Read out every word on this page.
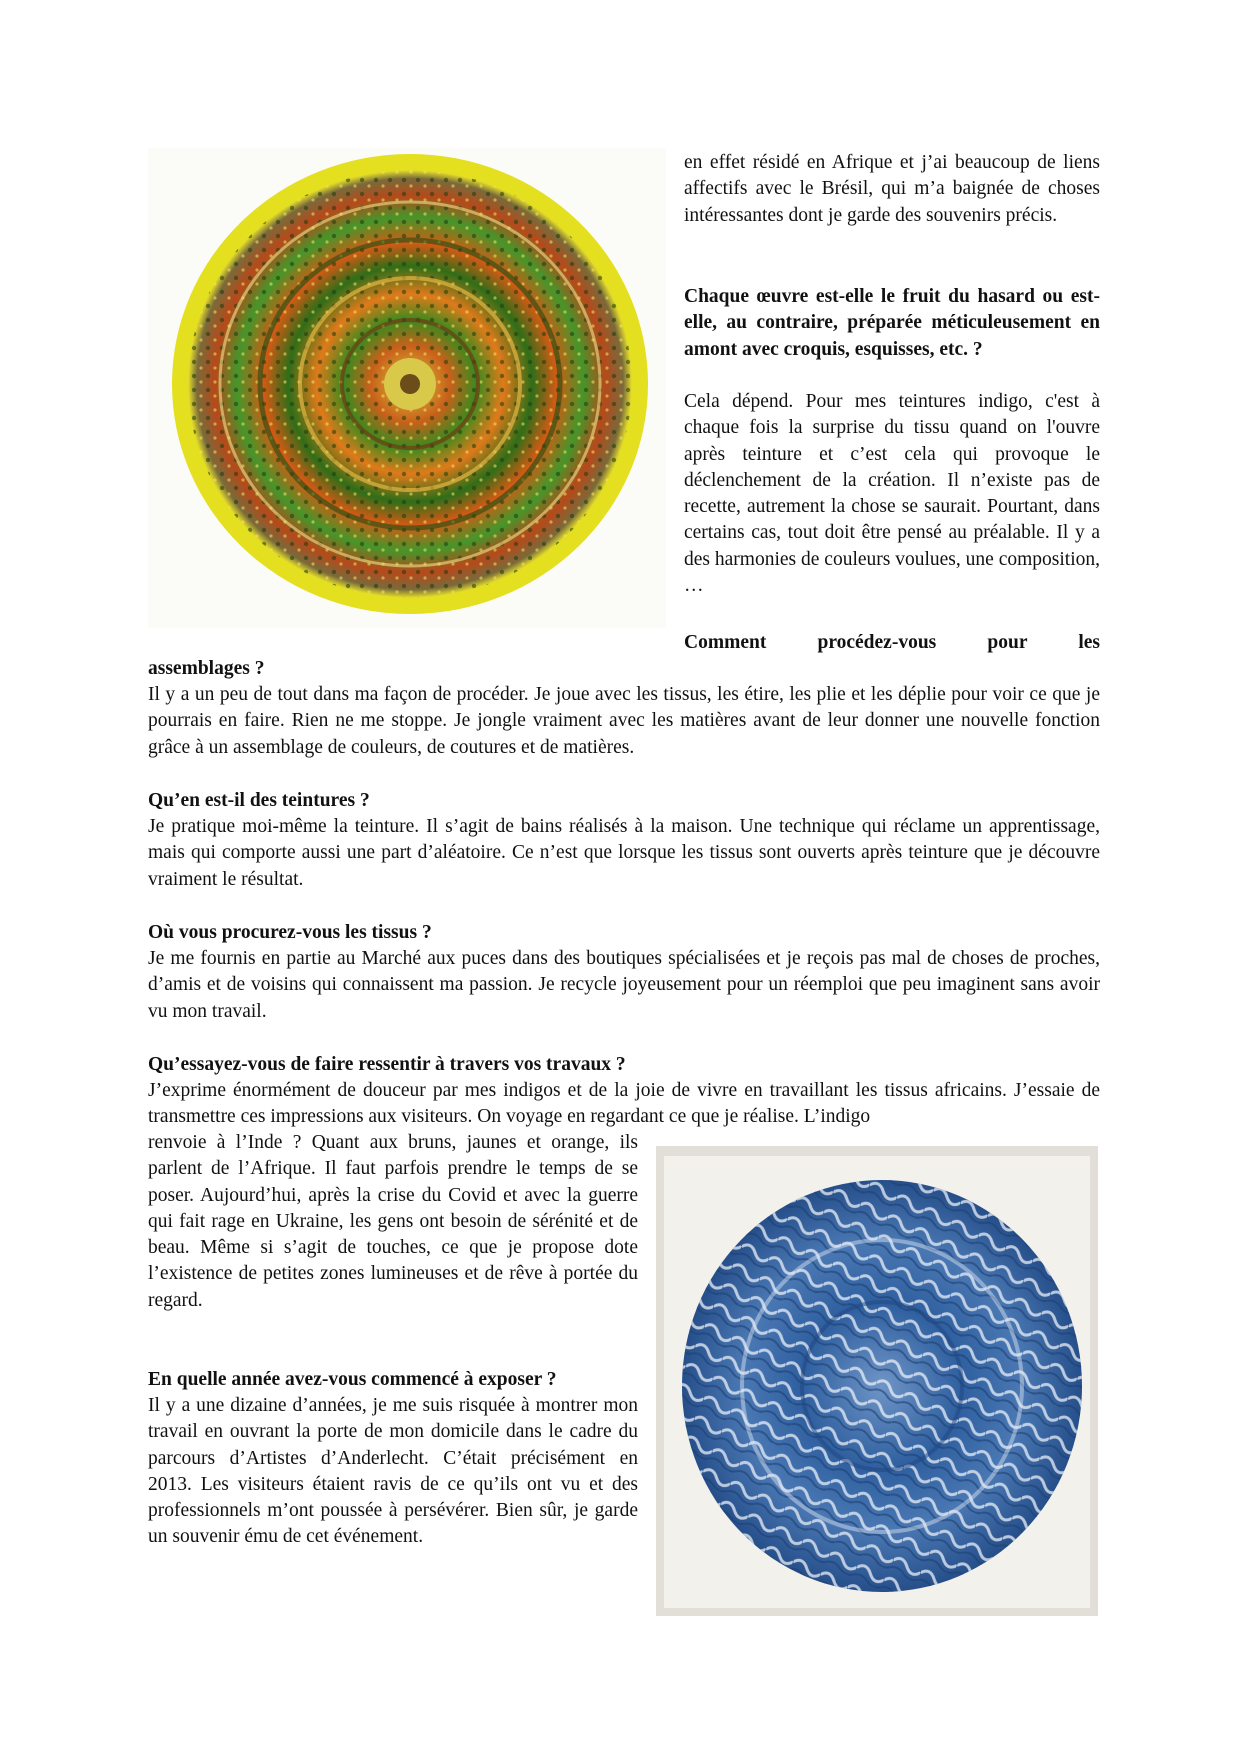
en effet résidé en Afrique et j’ai beaucoup de liens affectifs avec le Brésil, qui m’a baignée de choses intéressantes dont je garde des souvenirs précis.

Chaque œuvre est-elle le fruit du hasard ou est-elle, au contraire, préparée méticuleusement en amont avec croquis, esquisses, etc. ?

Cela dépend. Pour mes teintures indigo, c'est à chaque fois la surprise du tissu quand on l'ouvre après teinture et c’est cela qui provoque le déclenchement de la création. Il n’existe pas de recette, autrement la chose se saurait. Pourtant, dans certains cas, tout doit être pensé au préalable. Il y a des harmonies de couleurs voulues, une composition, …

Comment procédez-vous pour les

assemblages ?

Il y a un peu de tout dans ma façon de procéder. Je joue avec les tissus, les étire, les plie et les déplie pour voir ce que je pourrais en faire. Rien ne me stoppe. Je jongle vraiment avec les matières avant de leur donner une nouvelle fonction grâce à un assemblage de couleurs, de coutures et de matières.

Qu’en est-il des teintures ?

Je pratique moi-même la teinture. Il s’agit de bains réalisés à la maison. Une technique qui réclame un apprentissage, mais qui comporte aussi une part d’aléatoire. Ce n’est que lorsque les tissus sont ouverts après teinture que je découvre vraiment le résultat.

Où vous procurez-vous les tissus ?

Je me fournis en partie au Marché aux puces dans des boutiques spécialisées et je reçois pas mal de choses de proches, d’amis et de voisins qui connaissent ma passion. Je recycle joyeusement pour un réemploi que peu imaginent sans avoir vu mon travail.

Qu’essayez-vous de faire ressentir à travers vos travaux ?

J’exprime énormément de douceur par mes indigos et de la joie de vivre en travaillant les tissus africains. J’essaie de transmettre ces impressions aux visiteurs. On voyage en regardant ce que je réalise. L’indigo

renvoie à l’Inde ? Quant aux bruns, jaunes et orange, ils parlent de l’Afrique. Il faut parfois prendre le temps de se poser. Aujourd’hui, après la crise du Covid et avec la guerre qui fait rage en Ukraine, les gens ont besoin de sérénité et de beau. Même si s’agit de touches, ce que je propose dote l’existence de petites zones lumineuses et de rêve à portée du regard.

En quelle année avez-vous commencé à exposer ?

Il y a une dizaine d’années, je me suis risquée à montrer mon travail en ouvrant la porte de mon domicile dans le cadre du parcours d’Artistes d’Anderlecht. C’était précisément en 2013. Les visiteurs étaient ravis de ce qu’ils ont vu et des professionnels m’ont poussée à persévérer. Bien sûr, je garde un souvenir ému de cet événement.
